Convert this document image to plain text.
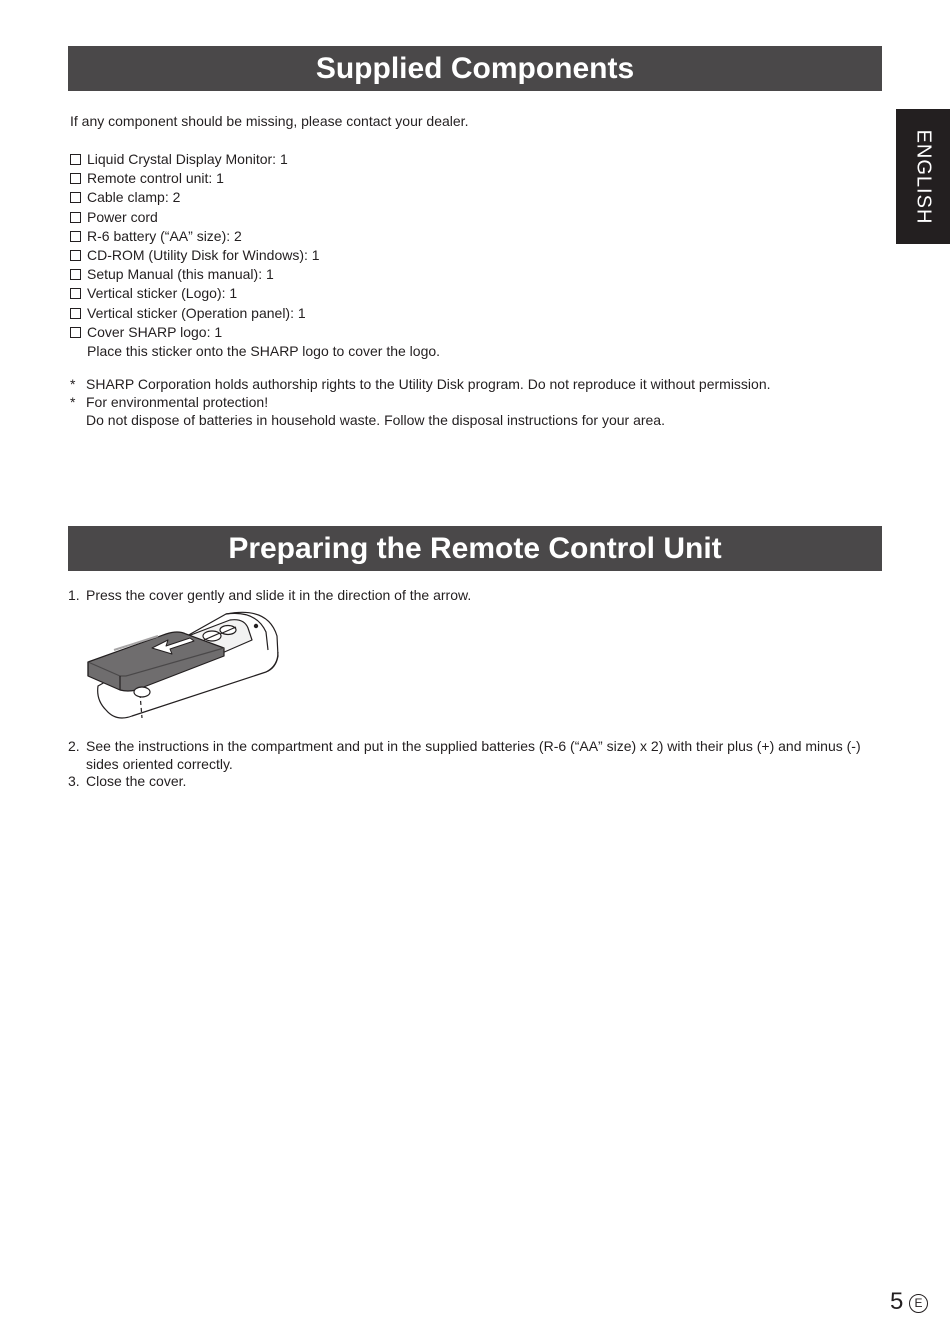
Supplied Components
ENGLISH
If any component should be missing, please contact your dealer.
Liquid Crystal Display Monitor: 1
Remote control unit: 1
Cable clamp: 2
Power cord
R-6 battery (“AA” size): 2
CD-ROM (Utility Disk for Windows): 1
Setup Manual (this manual): 1
Vertical sticker (Logo): 1
Vertical sticker (Operation panel): 1
Cover SHARP logo: 1
Place this sticker onto the SHARP logo to cover the logo.
* SHARP Corporation holds authorship rights to the Utility Disk program. Do not reproduce it without permission.
* For environmental protection!
Do not dispose of batteries in household waste. Follow the disposal instructions for your area.
Preparing the Remote Control Unit
1. Press the cover gently and slide it in the direction of the arrow.
2. See the instructions in the compartment and put in the supplied batteries (R-6 (“AA” size) x 2) with their plus (+) and minus (-) sides oriented correctly.
3. Close the cover.
5 E
